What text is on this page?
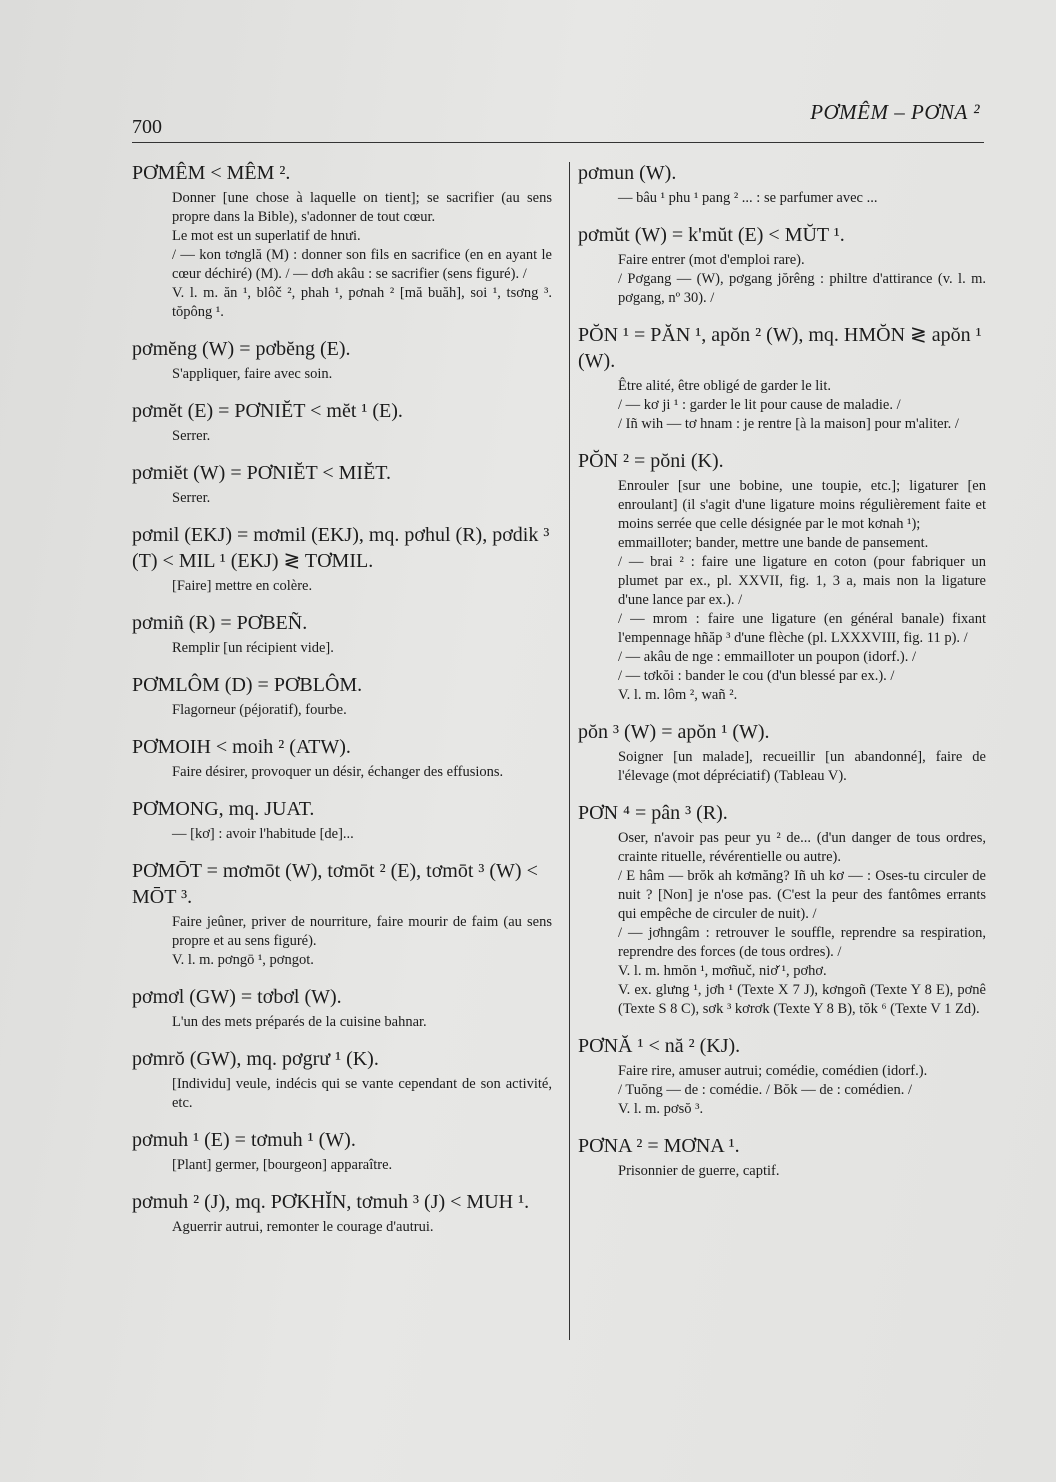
700
PƠMÊM – PƠNA ²
PƠMÊM < MÊM ².

Donner [une chose à laquelle on tient]; se sacrifier (au sens propre dans la Bible), s'adonner de tout cœur.

Le mot est un superlatif de hnưi.

/ — kon tơnglă (M) : donner son fils en sacrifice (en en ayant le cœur déchiré) (M). / — dơh akâu : se sacrifier (sens figuré). /

V. l. m. ăn ¹, blôč ², phah ¹, pơnah ² [mă buăh], soi ¹, tsơng ³. tŏpông ¹.

pơmĕng (W) = pơbĕng (E).

S'appliquer, faire avec soin.

pơmĕt (E) = PƠNIĔT < mĕt ¹ (E).

Serrer.

pơmiĕt (W) = PƠNIĔT < MIĔT.

Serrer.

pơmil (EKJ) = mơmil (EKJ), mq. pơhul (R), pơdik ³ (T) < MIL ¹ (EKJ) ≷ TƠMIL.

[Faire] mettre en colère.

pơmiñ (R) = PƠBEÑ.

Remplir [un récipient vide].

PƠMLÔM (D) = PƠBLÔM.

Flagorneur (péjoratif), fourbe.

PƠMOIH < moih ² (ATW).

Faire désirer, provoquer un désir, échanger des effusions.

PƠMONG, mq. JUAT.

— [kơ] : avoir l'habitude [de]...

PƠMŌT = mơmōt (W), tơmōt ² (E), tơmōt ³ (W) < MŌT ³.

Faire jeûner, priver de nourriture, faire mourir de faim (au sens propre et au sens figuré).

V. l. m. pơngō ¹, pơngot.

pơmơl (GW) = tơbơl (W).

L'un des mets préparés de la cuisine bahnar.

pơmrŏ (GW), mq. pơgrư ¹ (K).

[Individu] veule, indécis qui se vante cependant de son activité, etc.

pơmuh ¹ (E) = tơmuh ¹ (W).

[Plant] germer, [bourgeon] apparaître.

pơmuh ² (J), mq. PƠKHĬN, tơmuh ³ (J) < MUH ¹.

Aguerrir autrui, remonter le courage d'autrui.

pơmun (W).

— bâu ¹ phu ¹ pang ² ... : se parfumer avec ...

pơmŭt (W) = k'mŭt (E) < MŬT ¹.

Faire entrer (mot d'emploi rare).

/ Pơgang — (W), pơgang jŏrêng : philtre d'attirance (v. l. m. pơgang, nº 30). /

PŎN ¹ = PĂN ¹, apŏn ² (W), mq. HMŎN ≷ apŏn ¹ (W).

Être alité, être obligé de garder le lit.

/ — kơ ji ¹ : garder le lit pour cause de maladie. /

/ Iñ wih — tơ hnam : je rentre [à la maison] pour m'aliter. /

PŎN ² = pŏni (K).

Enrouler [sur une bobine, une toupie, etc.]; ligaturer [en enroulant] (il s'agit d'une ligature moins régulièrement faite et moins serrée que celle désignée par le mot kơnah ¹);

emmailloter; bander, mettre une bande de pansement.

/ — brai ² : faire une ligature en coton (pour fabriquer un plumet par ex., pl. XXVII, fig. 1, 3 a, mais non la ligature d'une lance par ex.). /

/ — mrom : faire une ligature (en général banale) fixant l'empennage hñăp ³ d'une flèche (pl. LXXXVIII, fig. 11 p). /

/ — akâu de nge : emmailloter un poupon (idorf.). /

/ — tơkŏi : bander le cou (d'un blessé par ex.). /

V. l. m. lôm ², wañ ².

pŏn ³ (W) = apŏn ¹ (W).

Soigner [un malade], recueillir [un abandonné], faire de l'élevage (mot dépréciatif) (Tableau V).

PƠN ⁴ = pân ³ (R).

Oser, n'avoir pas peur yu ² de... (d'un danger de tous ordres, crainte rituelle, révérentielle ou autre).

/ E hâm — brŏk ah kơmăng? Iñ uh kơ — : Oses-tu circuler de nuit ? [Non] je n'ose pas. (C'est la peur des fantômes errants qui empêche de circuler de nuit). /

/ — jơhngâm : retrouver le souffle, reprendre sa respiration, reprendre des forces (de tous ordres). /

V. l. m. hmŏn ¹, mơñuč, niơ̆ ¹, pơhơ.

V. ex. glưng ¹, jơh ¹ (Texte X 7 J), kơngoñ (Texte Y 8 E), pơnê (Texte S 8 C), sơk ³ kơrơk (Texte Y 8 B), tŏk ⁶ (Texte V 1 Zd).

PƠNĂ ¹ < nă ² (KJ).

Faire rire, amuser autrui; comédie, comédien (idorf.).

/ Tuŏng — de : comédie. / Bŏk — de : comédien. /

V. l. m. pơsŏ ³.

PƠNA ² = MƠNA ¹.

Prisonnier de guerre, captif.
